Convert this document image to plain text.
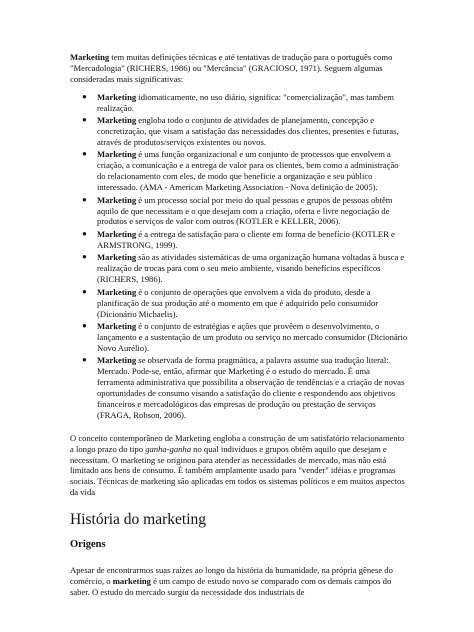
Marketing tem muitas definições técnicas e até tentativas de tradução para o português como "Mercadologia" (RICHERS, 1986) ou "Mercância" (GRACIOSO, 1971). Seguem algumas consideradas mais significativas:

● Marketing idiomaticamente, no uso diário, significa: "comercialização", mas tambem realização.
● Marketing engloba todo o conjunto de atividades de planejamento, concepção e concretização, que visam a satisfação das necessidades dos clientes, presentes e futuras, através de produtos/serviços existentes ou novos.
● Marketing é uma função organizacional e um conjunto de processos que envolvem a criação, a comunicação e a entrega de valor para os clientes, bem como a administração do relacionamento com eles, de modo que beneficie a organização e seu público interessado. (AMA - American Marketing Association - Nova definição de 2005).
● Marketing é um processo social por meio do qual pessoas e grupos de pessoas obtêm aquilo de que necessitam e o que desejam com a criação, oferta e livre negociação de produtos e serviços de valor com outros (KOTLER e KELLER, 2006).
● Marketing é a entrega de satisfação para o cliente em forma de benefício (KOTLER e ARMSTRONG, 1999).
● Marketing são as atividades sistemáticas de uma organização humana voltadas à busca e realização de trocas para com o seu meio ambiente, visando benefícios específicos (RICHERS, 1986).
● Marketing é o conjunto de operações que envolvem a vida do produto, desde a planificação de sua produção até o momento em que é adquirido pelo consumidor (Dicionário Michaelis).
● Marketing é o conjunto de estratégias e ações que provêem o desenvolvimento, o lançamento e a sustentação de um produto ou serviço no mercado consumidor (Dicionário Novo Aurélio).
● Marketing se observada de forma pragmática, a palavra assume sua tradução literal: Mercado. Pode-se, então, afirmar que Marketing é o estudo do mercado. É uma ferramenta administrativa que possibilita a observação de tendências e a criação de novas oportunidades de consumo visando a satisfação do cliente e respondendo aos objetivos financeiros e mercadológicos das empresas de produção ou prestação de serviços (FRAGA, Robson, 2006).

O conceito contemporâneo de Marketing engloba a construção de um satisfatório relacionamento a longo prazo do tipo ganha-ganha no qual indivíduos e grupos obtêm aquilo que desejam e necessitam. O marketing se originou para atender as necessidades de mercado, mas não está limitado aos bens de consumo. É também amplamente usado para "vender" idéias e programas sociais. Técnicas de marketing são aplicadas em todos os sistemas políticos e em muitos aspectos da vida

História do marketing
Origens

Apesar de encontrarmos suas raízes ao longo da história da humanidade, na própria gênese do comércio, o marketing é um campo de estudo novo se comparado com os demais campos do saber. O estudo do mercado surgiu da necessidade dos industriais de
